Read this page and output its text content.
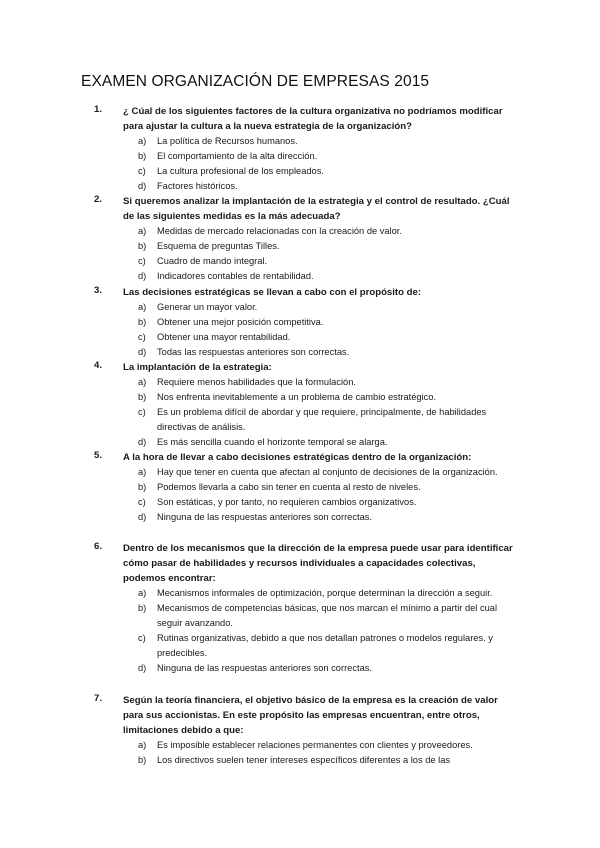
EXAMEN ORGANIZACIÓN DE EMPRESAS 2015
1.	¿ Cúal de los siguientes factores de la cultura organizativa no podríamos modificar para ajustar la cultura a la nueva estrategia de la organización?

a) La política de Recursos humanos.
b) El comportamiento de la alta dirección.
c) La cultura profesional de los empleados.
d) Factores históricos.
2.	Si queremos analizar la implantación de la estrategia y el control de resultado. ¿Cuál de las siguientes medidas es la más adecuada?

a) Medidas de mercado relacionadas con la creación de valor.
b) Esquema de preguntas Tilles.
c) Cuadro de mando integral.
d) Indicadores contables de rentabilidad.
3.	Las decisiones estratégicas se llevan a cabo con el propósito de:

a) Generar un mayor valor.
b) Obtener una mejor posición competitiva.
c) Obtener una mayor rentabilidad.
d) Todas las respuestas anteriores son correctas.
4.	La implantación de la estrategia:

a) Requiere menos habilidades que la formulación.
b) Nos enfrenta inevitablemente a un problema de cambio estratégico.
c) Es un problema difícil de abordar y que requiere, principalmente, de habilidades directivas de análisis.
d) Es más sencilla cuando el horizonte temporal se alarga.
5.	A la hora de llevar a cabo decisiones estratégicas dentro de la organización:

a) Hay que tener en cuenta que afectan al conjunto de decisiones de la organización.
b) Podemos llevarla a cabo sin tener en cuenta al resto de niveles.
c) Son estáticas, y por tanto, no requieren cambios organizativos.
d) Ninguna de las respuestas anteriores son correctas.
6.	Dentro de los mecanismos que la dirección de la empresa puede usar para identificar cómo pasar de habilidades y recursos individuales a capacidades colectivas, podemos encontrar:

a) Mecanismos informales de optimización, porque determinan la dirección a seguir.
b) Mecanismos de competencias básicas, que nos marcan el mínimo a partir del cual seguir avanzando.
c) Rutinas organizativas, debido a que nos detallan patrones o modelos regulares. y predecibles.
d) Ninguna de las respuestas anteriores son correctas.
7.	Según la teoría financiera, el objetivo básico de la empresa es la creación de valor para sus accionistas. En este propósito las empresas encuentran, entre otros, limitaciones debido a que:

a) Es imposible establecer relaciones permanentes con clientes y proveedores.
b) Los directivos suelen tener intereses específicos diferentes a los de las
